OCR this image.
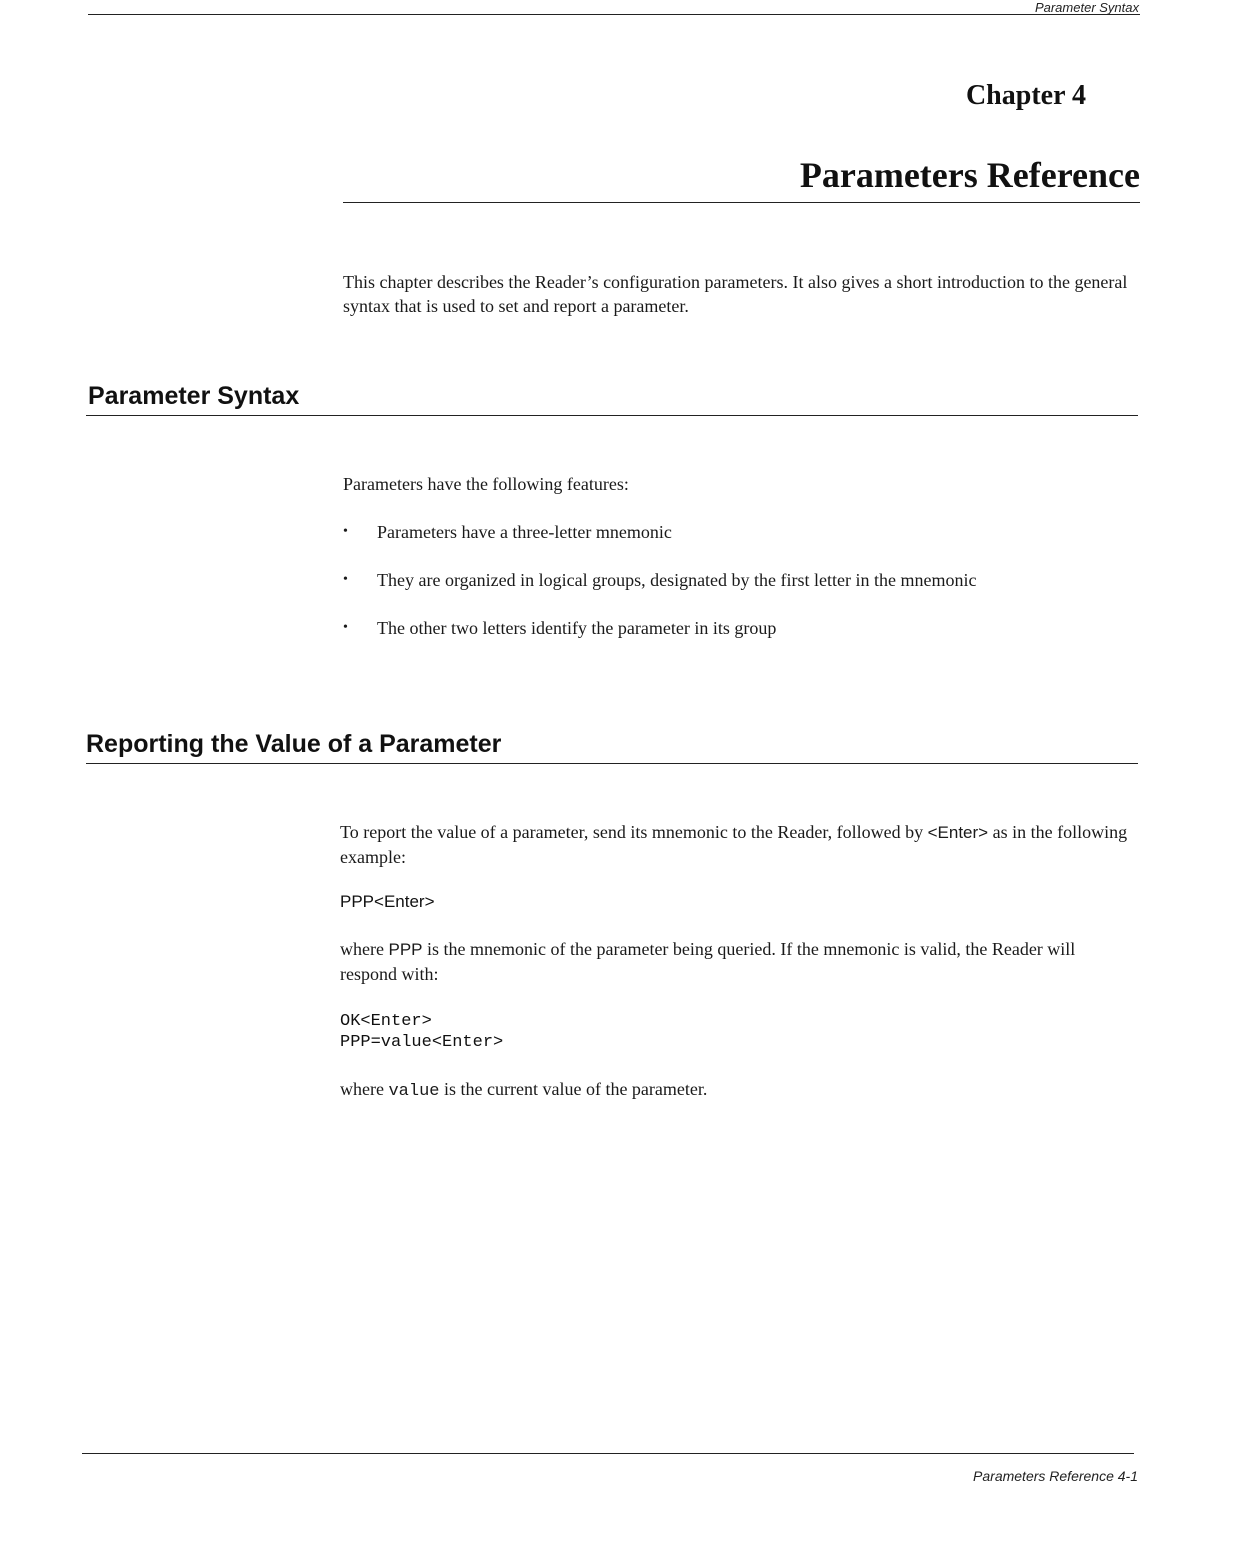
Parameter Syntax
Chapter 4
Parameters Reference
This chapter describes the Reader’s configuration parameters. It also gives a short introduction to the general syntax that is used to set and report a parameter.
Parameter Syntax
Parameters have the following features:
• Parameters have a three-letter mnemonic
• They are organized in logical groups, designated by the first letter in the mnemonic
• The other two letters identify the parameter in its group
Reporting the Value of a Parameter
To report the value of a parameter, send its mnemonic to the Reader, followed by <Enter> as in the following example:
PPP<Enter>
where PPP is the mnemonic of the parameter being queried. If the mnemonic is valid, the Reader will respond with:
OK<Enter>
PPP=value<Enter>
where value is the current value of the parameter.
Parameters Reference 4-1
